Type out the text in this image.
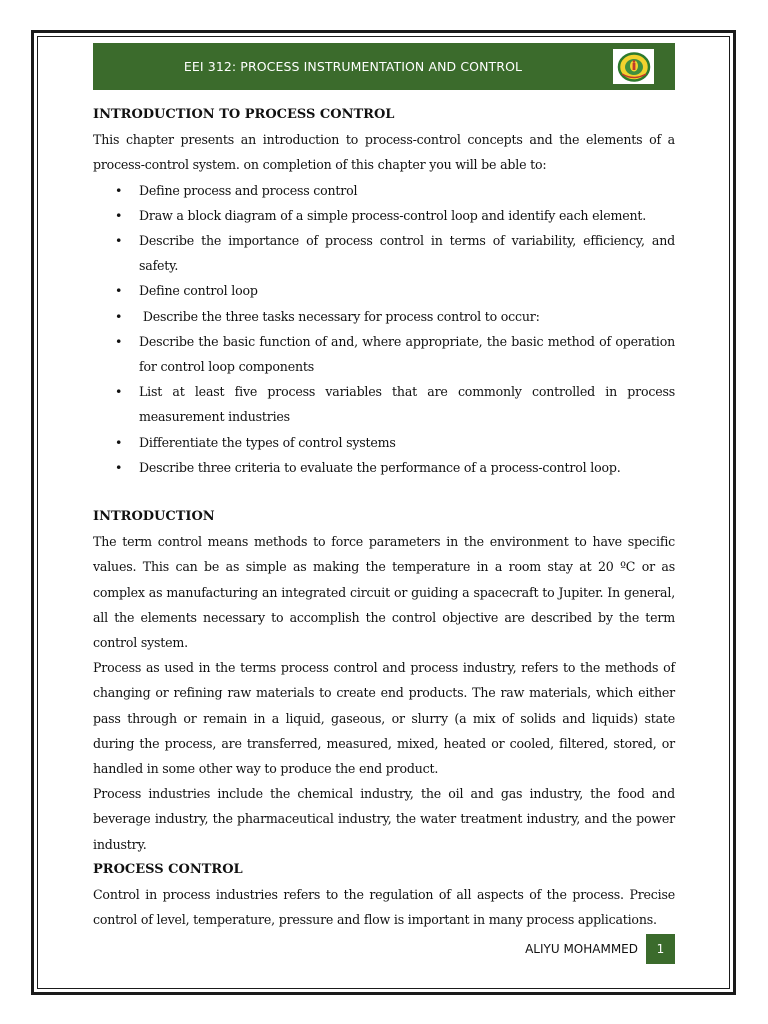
EEI 312: PROCESS INSTRUMENTATION AND CONTROL

INTRODUCTION TO PROCESS CONTROL

This chapter presents an introduction to process-control concepts and the elements of a process-control system. on completion of this chapter you will be able to:

• Define process and process control
• Draw a block diagram of a simple process-control loop and identify each element.
• Describe the importance of process control in terms of variability, efficiency, and safety.
• Define control loop
•  Describe the three tasks necessary for process control to occur:
• Describe the basic function of and, where appropriate, the basic method of operation for control loop components
• List at least five process variables that are commonly controlled in process measurement industries
• Differentiate the types of control systems
• Describe three criteria to evaluate the performance of a process-control loop.

INTRODUCTION

The term control means methods to force parameters in the environment to have specific values. This can be as simple as making the temperature in a room stay at 20 ºC or as complex as manufacturing an integrated circuit or guiding a spacecraft to Jupiter. In general, all the elements necessary to accomplish the control objective are described by the term control system.

Process as used in the terms process control and process industry, refers to the methods of changing or refining raw materials to create end products. The raw materials, which either pass through or remain in a liquid, gaseous, or slurry (a mix of solids and liquids) state during the process, are transferred, measured, mixed, heated or cooled, filtered, stored, or handled in some other way to produce the end product.

Process industries include the chemical industry, the oil and gas industry, the food and beverage industry, the pharmaceutical industry, the water treatment industry, and the power industry.

PROCESS CONTROL

Control in process industries refers to the regulation of all aspects of the process. Precise control of level, temperature, pressure and flow is important in many process applications.

ALIYU MOHAMMED	1
